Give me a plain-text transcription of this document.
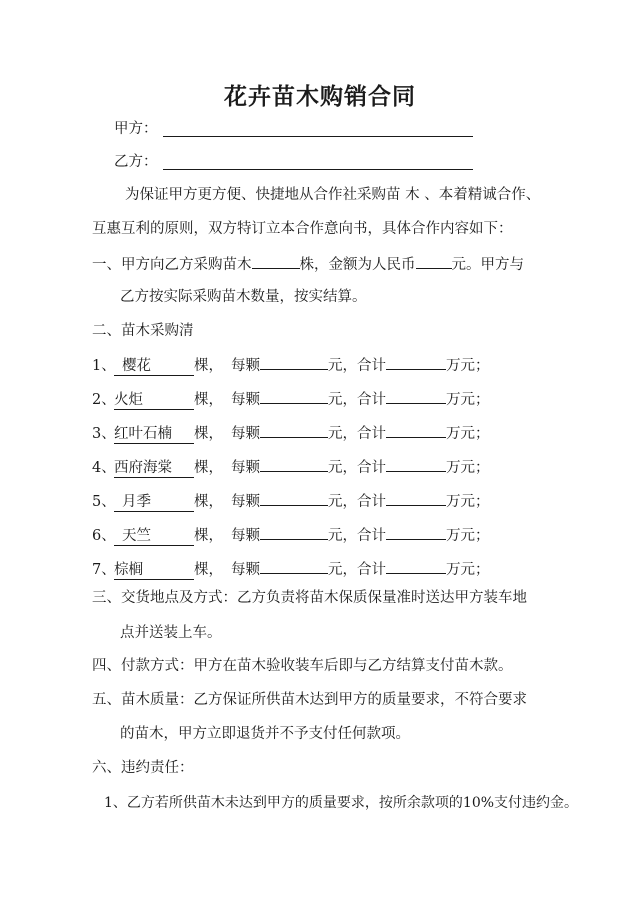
花卉苗木购销合同
甲方：
乙方：
为保证甲方更方便、快捷地从合作社采购苗 木 、本着精诚合作、
互惠互利的原则，双方特订立本合作意向书，具体合作内容如下：
一、甲方向乙方采购苗木	株，金额为人民币 元。甲方与
乙方按实际采购苗木数量，按实结算。
二、苗木采购清
1、 樱花	棵， 每颗	元，合计	万元；
2、火炬	棵， 每颗	元，合计	万元；
3、红叶石楠 棵， 每颗	元，合计	万元；
4、西府海棠 棵， 每颗	元，合计	万元；
5、 月季	棵， 每颗	元，合计	万元；
6、 天竺	棵， 每颗	元，合计	万元；
7、棕榈	棵， 每颗	元，合计	万元；
三、交货地点及方式：乙方负责将苗木保质保量准时送达甲方装车地
点并送装上车。
四、付款方式：甲方在苗木验收装车后即与乙方结算支付苗木款。
五、苗木质量：乙方保证所供苗木达到甲方的质量要求，不符合要求
的苗木，甲方立即退货并不予支付任何款项。
六、违约责任：
1、乙方若所供苗木未达到甲方的质量要求，按所余款项的10%支付违约金。
